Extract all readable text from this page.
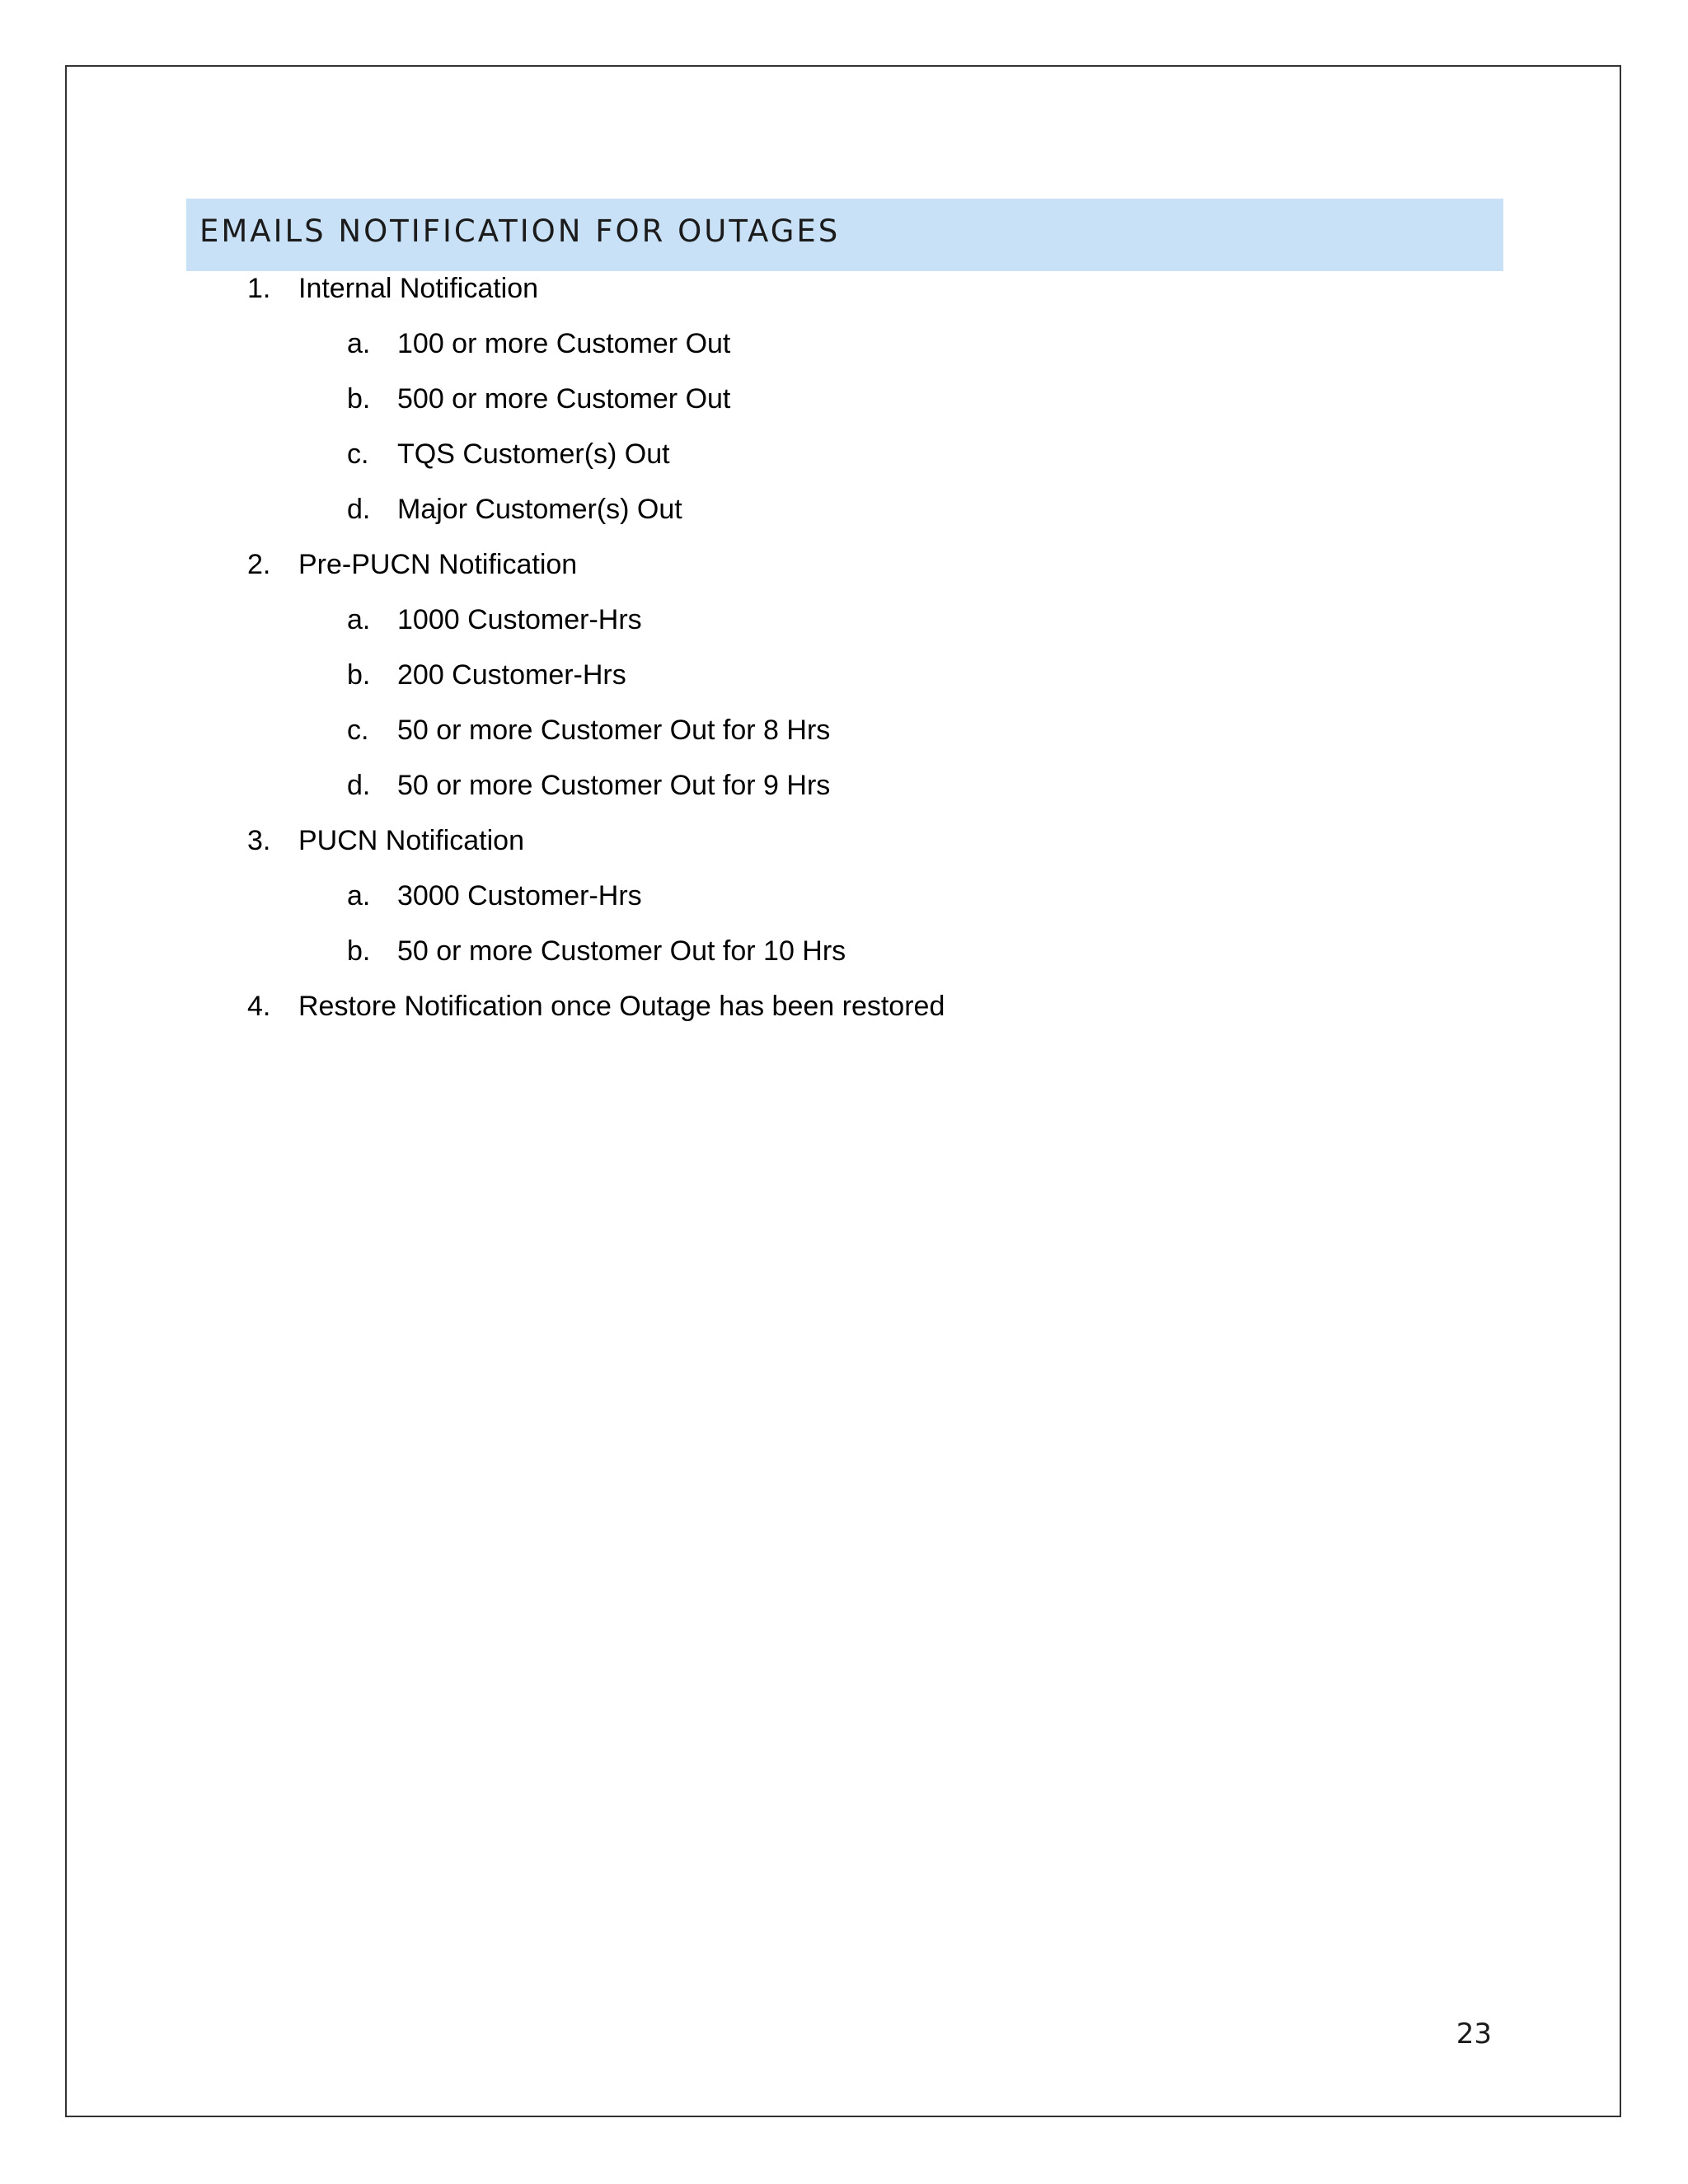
EMAILS NOTIFICATION FOR OUTAGES
1. Internal Notification
a. 100 or more Customer Out
b. 500 or more Customer Out
c. TQS Customer(s) Out
d. Major Customer(s) Out
2. Pre-PUCN Notification
a. 1000 Customer-Hrs
b. 200 Customer-Hrs
c. 50 or more Customer Out for 8 Hrs
d. 50 or more Customer Out for 9 Hrs
3. PUCN Notification
a. 3000 Customer-Hrs
b. 50 or more Customer Out for 10 Hrs
4. Restore Notification once Outage has been restored
23
